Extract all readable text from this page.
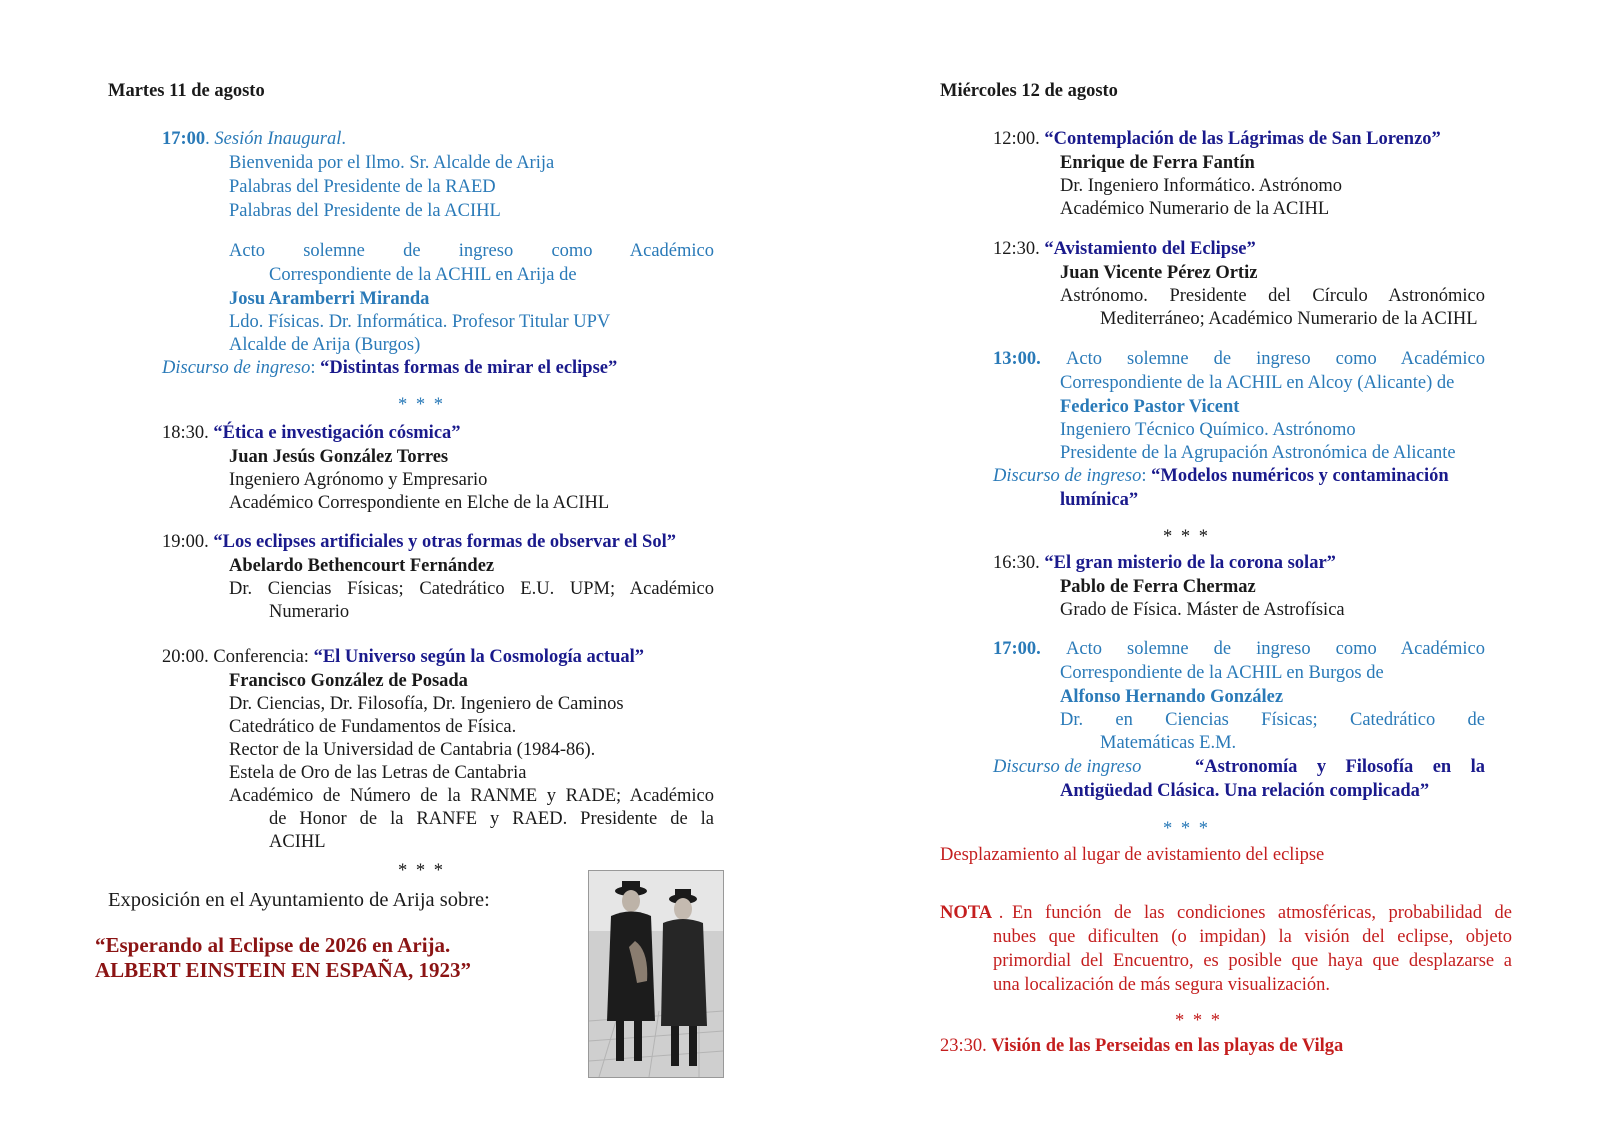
Martes 11 de agosto
17:00. Sesión Inaugural.
Bienvenida por el Ilmo. Sr. Alcalde de Arija
Palabras del Presidente de la RAED
Palabras del Presidente de la ACIHL
Acto solemne de ingreso como Académico
Correspondiente de la ACHIL en Arija de
Josu Aramberri Miranda
Ldo. Físicas. Dr. Informática. Profesor Titular UPV
Alcalde de Arija (Burgos)
Discurso de ingreso: “Distintas formas de mirar el eclipse”
* * *
18:30. “Ética e investigación cósmica”
Juan Jesús González Torres
Ingeniero Agrónomo y Empresario
Académico Correspondiente en Elche de la ACIHL
19:00. “Los eclipses artificiales y otras formas de observar el Sol”
Abelardo Bethencourt Fernández
Dr. Ciencias Físicas; Catedrático E.U. UPM; Académico
Numerario
20:00. Conferencia: “El Universo según la Cosmología actual”
Francisco González de Posada
Dr. Ciencias, Dr. Filosofía, Dr. Ingeniero de Caminos
Catedrático de Fundamentos de Física.
Rector de la Universidad de Cantabria (1984-86).
Estela de Oro de las Letras de Cantabria
Académico de Número de la RANME y RADE; Académico
de Honor de la RANFE y RAED. Presidente de la
ACIHL
* * *
Exposición en el Ayuntamiento de Arija sobre:
“Esperando al Eclipse de 2026 en Arija.
ALBERT EINSTEIN EN ESPAÑA, 1923”
Miércoles 12 de agosto
12:00. “Contemplación de las Lágrimas de San Lorenzo”
Enrique de Ferra Fantín
Dr. Ingeniero Informático. Astrónomo
Académico Numerario de la ACIHL
12:30. “Avistamiento del Eclipse”
Juan Vicente Pérez Ortiz
Astrónomo. Presidente del Círculo Astronómico
Mediterráneo; Académico Numerario de la ACIHL
13:00. Acto solemne de ingreso como Académico
Correspondiente de la ACHIL en Alcoy (Alicante) de
Federico Pastor Vicent
Ingeniero Técnico Químico. Astrónomo
Presidente de la Agrupación Astronómica de Alicante
Discurso de ingreso: “Modelos numéricos y contaminación
lumínica”
* * *
16:30. “El gran misterio de la corona solar”
Pablo de Ferra Chermaz
Grado de Física. Máster de Astrofísica
17:00. Acto solemne de ingreso como Académico
Correspondiente de la ACHIL en Burgos de
Alfonso Hernando González
Dr. en Ciencias Físicas; Catedrático de
Matemáticas E.M.
Discurso de ingreso	“Astronomía y Filosofía en la
Antigüedad Clásica. Una relación complicada”
* * *
Desplazamiento al lugar de avistamiento del eclipse
NOTA . En función de las condiciones atmosféricas, probabilidad de
nubes que dificulten (o impidan) la visión del eclipse, objeto
primordial del Encuentro, es posible que haya que desplazarse a
una localización de más segura visualización.
* * *
23:30. Visión de las Perseidas en las playas de Vilga
